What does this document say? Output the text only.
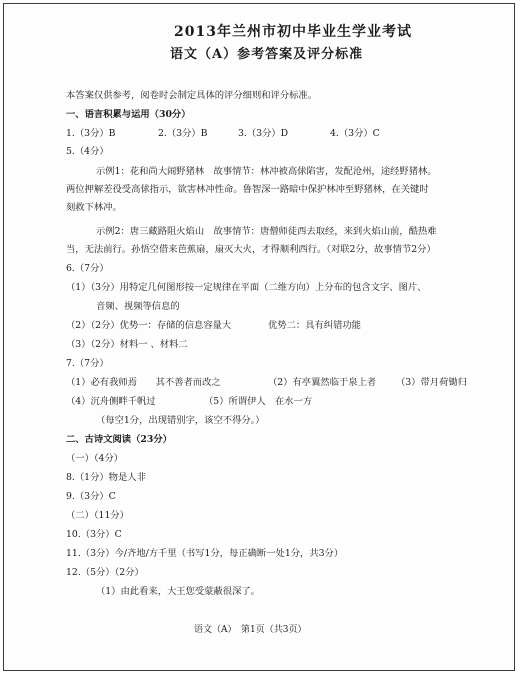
2013年兰州市初中毕业生学业考试
语文（A）参考答案及评分标准
本答案仅供参考，阅卷时会制定具体的评分细则和评分标准。
一、语言积累与运用（30分）
1.（3分）B	2.（3分）B	3.（3分）D	4.（3分）C
5.（4分）
示例1：花和尚大闹野猪林　故事情节：林冲被高俅陷害，发配沧州，途经野猪林。
两位押解差役受高俅指示，欲害林冲性命。鲁智深一路暗中保护林冲至野猪林，在关键时
刻救下林冲。
示例2：唐三藏路阻火焰山　故事情节：唐僧师徒西去取经，来到火焰山前，酷热难
当，无法前行。孙悟空借来芭蕉扇，扇灭大火，才得顺利西行。（对联2分，故事情节2分）
6.（7分）
（1）（3分）用特定几何图形按一定规律在平面（二维方向）上分布的包含文字、图片、
音频、视频等信息的
（2）（2分）优势一：存储的信息容量大	优势二：具有纠错功能
（3）（2分）材料一 、材料二
7.（7分）
（1）必有我师焉　　其不善者而改之	（2）有亭翼然临于泉上者 （3）带月荷锄归
（4）沉舟侧畔千帆过	（5）所谓伊人　在水一方
（每空1分，出现错别字，该空不得分。）
二、古诗文阅读（23分）
（一）（4分）
8.（1分）物是人非
9.（3分）C
（二）（11分）
10.（3分）C
11.（3分）今/齐地/方千里（书写1分，每正确断一处1分，共3分）
12.（5分）（2分）
（1）由此看来，大王您受蒙蔽很深了。
语文（A）　第1页（共3页）
